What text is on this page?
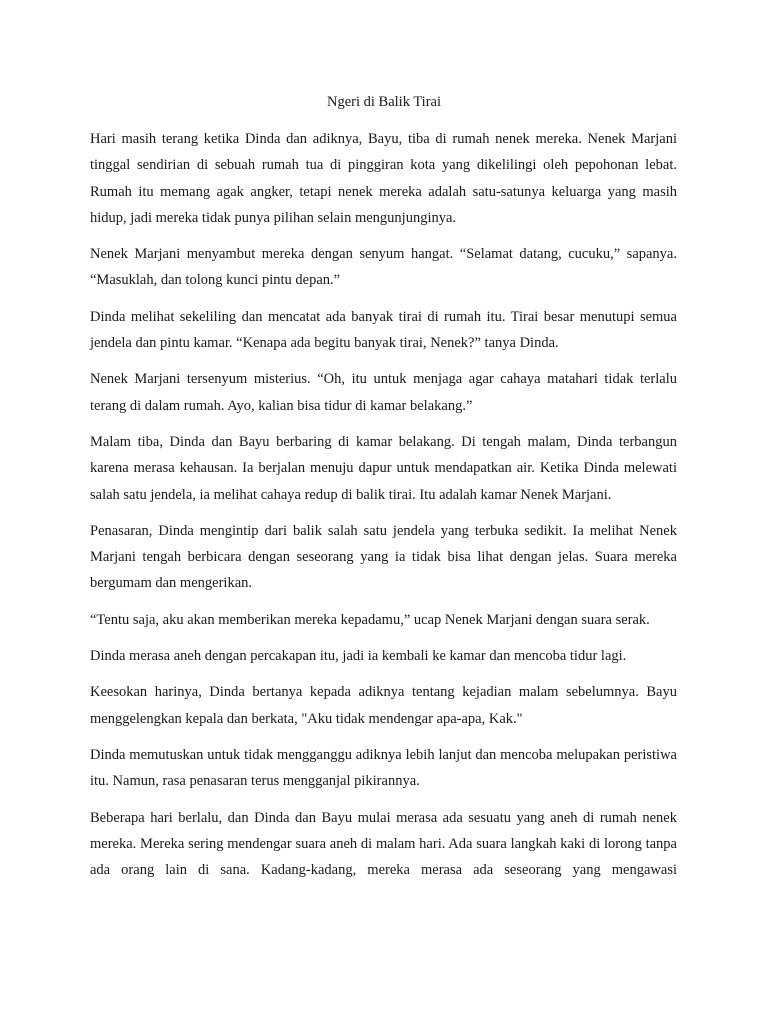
Ngeri di Balik Tirai

Hari masih terang ketika Dinda dan adiknya, Bayu, tiba di rumah nenek mereka. Nenek Marjani tinggal sendirian di sebuah rumah tua di pinggiran kota yang dikelilingi oleh pepohonan lebat. Rumah itu memang agak angker, tetapi nenek mereka adalah satu-satunya keluarga yang masih hidup, jadi mereka tidak punya pilihan selain mengunjunginya.

Nenek Marjani menyambut mereka dengan senyum hangat. “Selamat datang, cucuku,” sapanya. “Masuklah, dan tolong kunci pintu depan.”

Dinda melihat sekeliling dan mencatat ada banyak tirai di rumah itu. Tirai besar menutupi semua jendela dan pintu kamar. “Kenapa ada begitu banyak tirai, Nenek?” tanya Dinda.

Nenek Marjani tersenyum misterius. “Oh, itu untuk menjaga agar cahaya matahari tidak terlalu terang di dalam rumah. Ayo, kalian bisa tidur di kamar belakang.”

Malam tiba, Dinda dan Bayu berbaring di kamar belakang. Di tengah malam, Dinda terbangun karena merasa kehausan. Ia berjalan menuju dapur untuk mendapatkan air. Ketika Dinda melewati salah satu jendela, ia melihat cahaya redup di balik tirai. Itu adalah kamar Nenek Marjani.

Penasaran, Dinda mengintip dari balik salah satu jendela yang terbuka sedikit. Ia melihat Nenek Marjani tengah berbicara dengan seseorang yang ia tidak bisa lihat dengan jelas. Suara mereka bergumam dan mengerikan.

“Tentu saja, aku akan memberikan mereka kepadamu,” ucap Nenek Marjani dengan suara serak.

Dinda merasa aneh dengan percakapan itu, jadi ia kembali ke kamar dan mencoba tidur lagi.

Keesokan harinya, Dinda bertanya kepada adiknya tentang kejadian malam sebelumnya. Bayu menggelengkan kepala dan berkata, "Aku tidak mendengar apa-apa, Kak."

Dinda memutuskan untuk tidak mengganggu adiknya lebih lanjut dan mencoba melupakan peristiwa itu. Namun, rasa penasaran terus mengganjal pikirannya.

Beberapa hari berlalu, dan Dinda dan Bayu mulai merasa ada sesuatu yang aneh di rumah nenek mereka. Mereka sering mendengar suara aneh di malam hari. Ada suara langkah kaki di lorong tanpa ada orang lain di sana. Kadang-kadang, mereka merasa ada seseorang yang mengawasi
